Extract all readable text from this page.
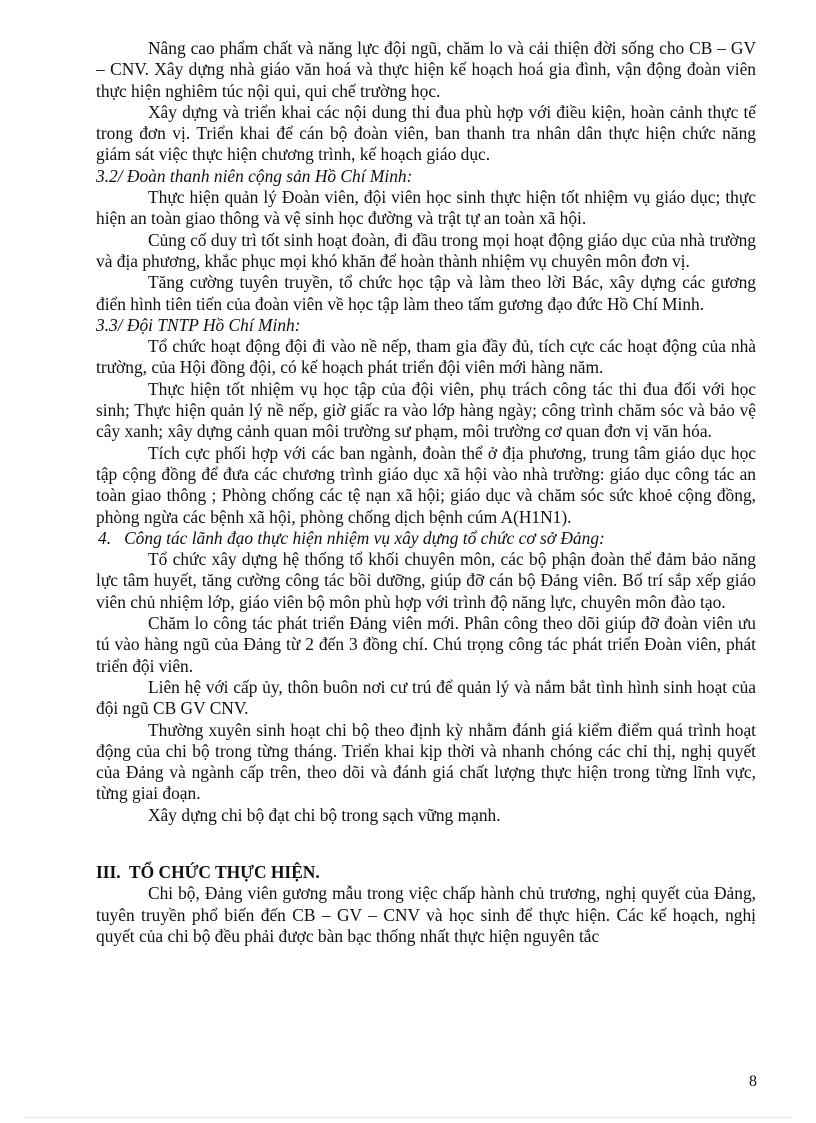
Nâng cao phẩm chất và năng lực đội ngũ, chăm lo và cải thiện đời sống cho CB – GV – CNV. Xây dựng nhà giáo văn hoá và thực hiện kế hoạch hoá gia đình, vận động đoàn viên thực hiện nghiêm túc nội qui, qui chế trường học.

Xây dựng và triển khai các nội dung thi đua phù hợp với điều kiện, hoàn cảnh thực tế trong đơn vị. Triển khai để cán bộ đoàn viên, ban thanh tra nhân dân thực hiện chức năng giám sát việc thực hiện chương trình, kế hoạch giáo dục.

3.2/ Đoàn thanh niên cộng sản Hồ Chí Minh:

Thực hiện quản lý Đoàn viên, đội viên học sinh thực hiện tốt nhiệm vụ giáo dục; thực hiện an toàn giao thông và vệ sinh học đường và trật tự an toàn xã hội.

Củng cố duy trì tốt sinh hoạt đoàn, đi đầu trong mọi hoạt động giáo dục của nhà trường và địa phương, khắc phục mọi khó khăn để hoàn thành nhiệm vụ chuyên môn đơn vị.

Tăng cường tuyên truyền, tổ chức học tập và làm theo lời Bác, xây dựng các gương điển hình tiên tiến của đoàn viên về học tập làm theo tấm gương đạo đức Hồ Chí Minh.

3.3/ Đội TNTP Hồ Chí Minh:

Tổ chức hoạt động đội đi vào nề nếp, tham gia đầy đủ, tích cực các hoạt động của nhà trường, của Hội đồng đội, có kế hoạch phát triển đội viên mới hàng năm.

Thực hiện tốt nhiệm vụ học tập của đội viên, phụ trách công tác thi đua đối với học sinh; Thực hiện quản lý nề nếp, giờ giấc ra vào lớp hàng ngày; công trình chăm sóc và bảo vệ cây xanh; xây dựng cảnh quan môi trường sư phạm, môi trường cơ quan đơn vị văn hóa.

Tích cực phối hợp với các ban ngành, đoàn thể ở địa phương, trung tâm giáo dục học tập cộng đồng để đưa các chương trình giáo dục xã hội vào nhà trường: giáo dục công tác an toàn giao thông ; Phòng chống các tệ nạn xã hội; giáo dục và chăm sóc sức khoẻ cộng đồng, phòng ngừa các bệnh xã hội, phòng chống dịch bệnh cúm A(H1N1).

4.   Công tác lãnh đạo thực hiện nhiệm vụ xây dựng tổ chức cơ sở Đảng:

Tổ chức xây dựng hệ thống tổ khối chuyên môn, các bộ phận đoàn thể đảm bảo năng lực tâm huyết, tăng cường công tác bồi dưỡng, giúp đỡ cán bộ Đảng viên. Bố trí sắp xếp giáo viên chủ nhiệm lớp, giáo viên bộ môn phù hợp với trình độ năng lực, chuyên môn đào tạo.

Chăm lo công tác phát triển Đảng viên mới. Phân công theo dõi giúp đỡ đoàn viên ưu tú vào hàng ngũ của Đảng từ 2 đến 3 đồng chí. Chú trọng công tác phát triển Đoàn viên, phát triển đội viên.

Liên hệ với cấp ủy, thôn buôn nơi cư trú để quản lý và nắm bắt tình hình sinh hoạt của đội ngũ CB GV CNV.

Thường xuyên sinh hoạt chi bộ theo định kỳ nhằm đánh giá kiểm điểm quá trình hoạt động của chi bộ trong từng tháng. Triển khai kịp thời và nhanh chóng các chỉ thị, nghị quyết của Đảng và ngành cấp trên, theo dõi và đánh giá chất lượng thực hiện trong từng lĩnh vực, từng giai đoạn.

Xây dựng chi bộ đạt chi bộ trong sạch vững mạnh.

III.  TỔ CHỨC THỰC HIỆN.

Chi bộ, Đảng viên gương mẫu trong việc chấp hành chủ trương, nghị quyết của Đảng, tuyên truyền phổ biến đến CB – GV – CNV và học sinh để thực hiện. Các kế hoạch, nghị quyết của chi bộ đều phải được bàn bạc thống nhất thực hiện nguyên tắc

8
